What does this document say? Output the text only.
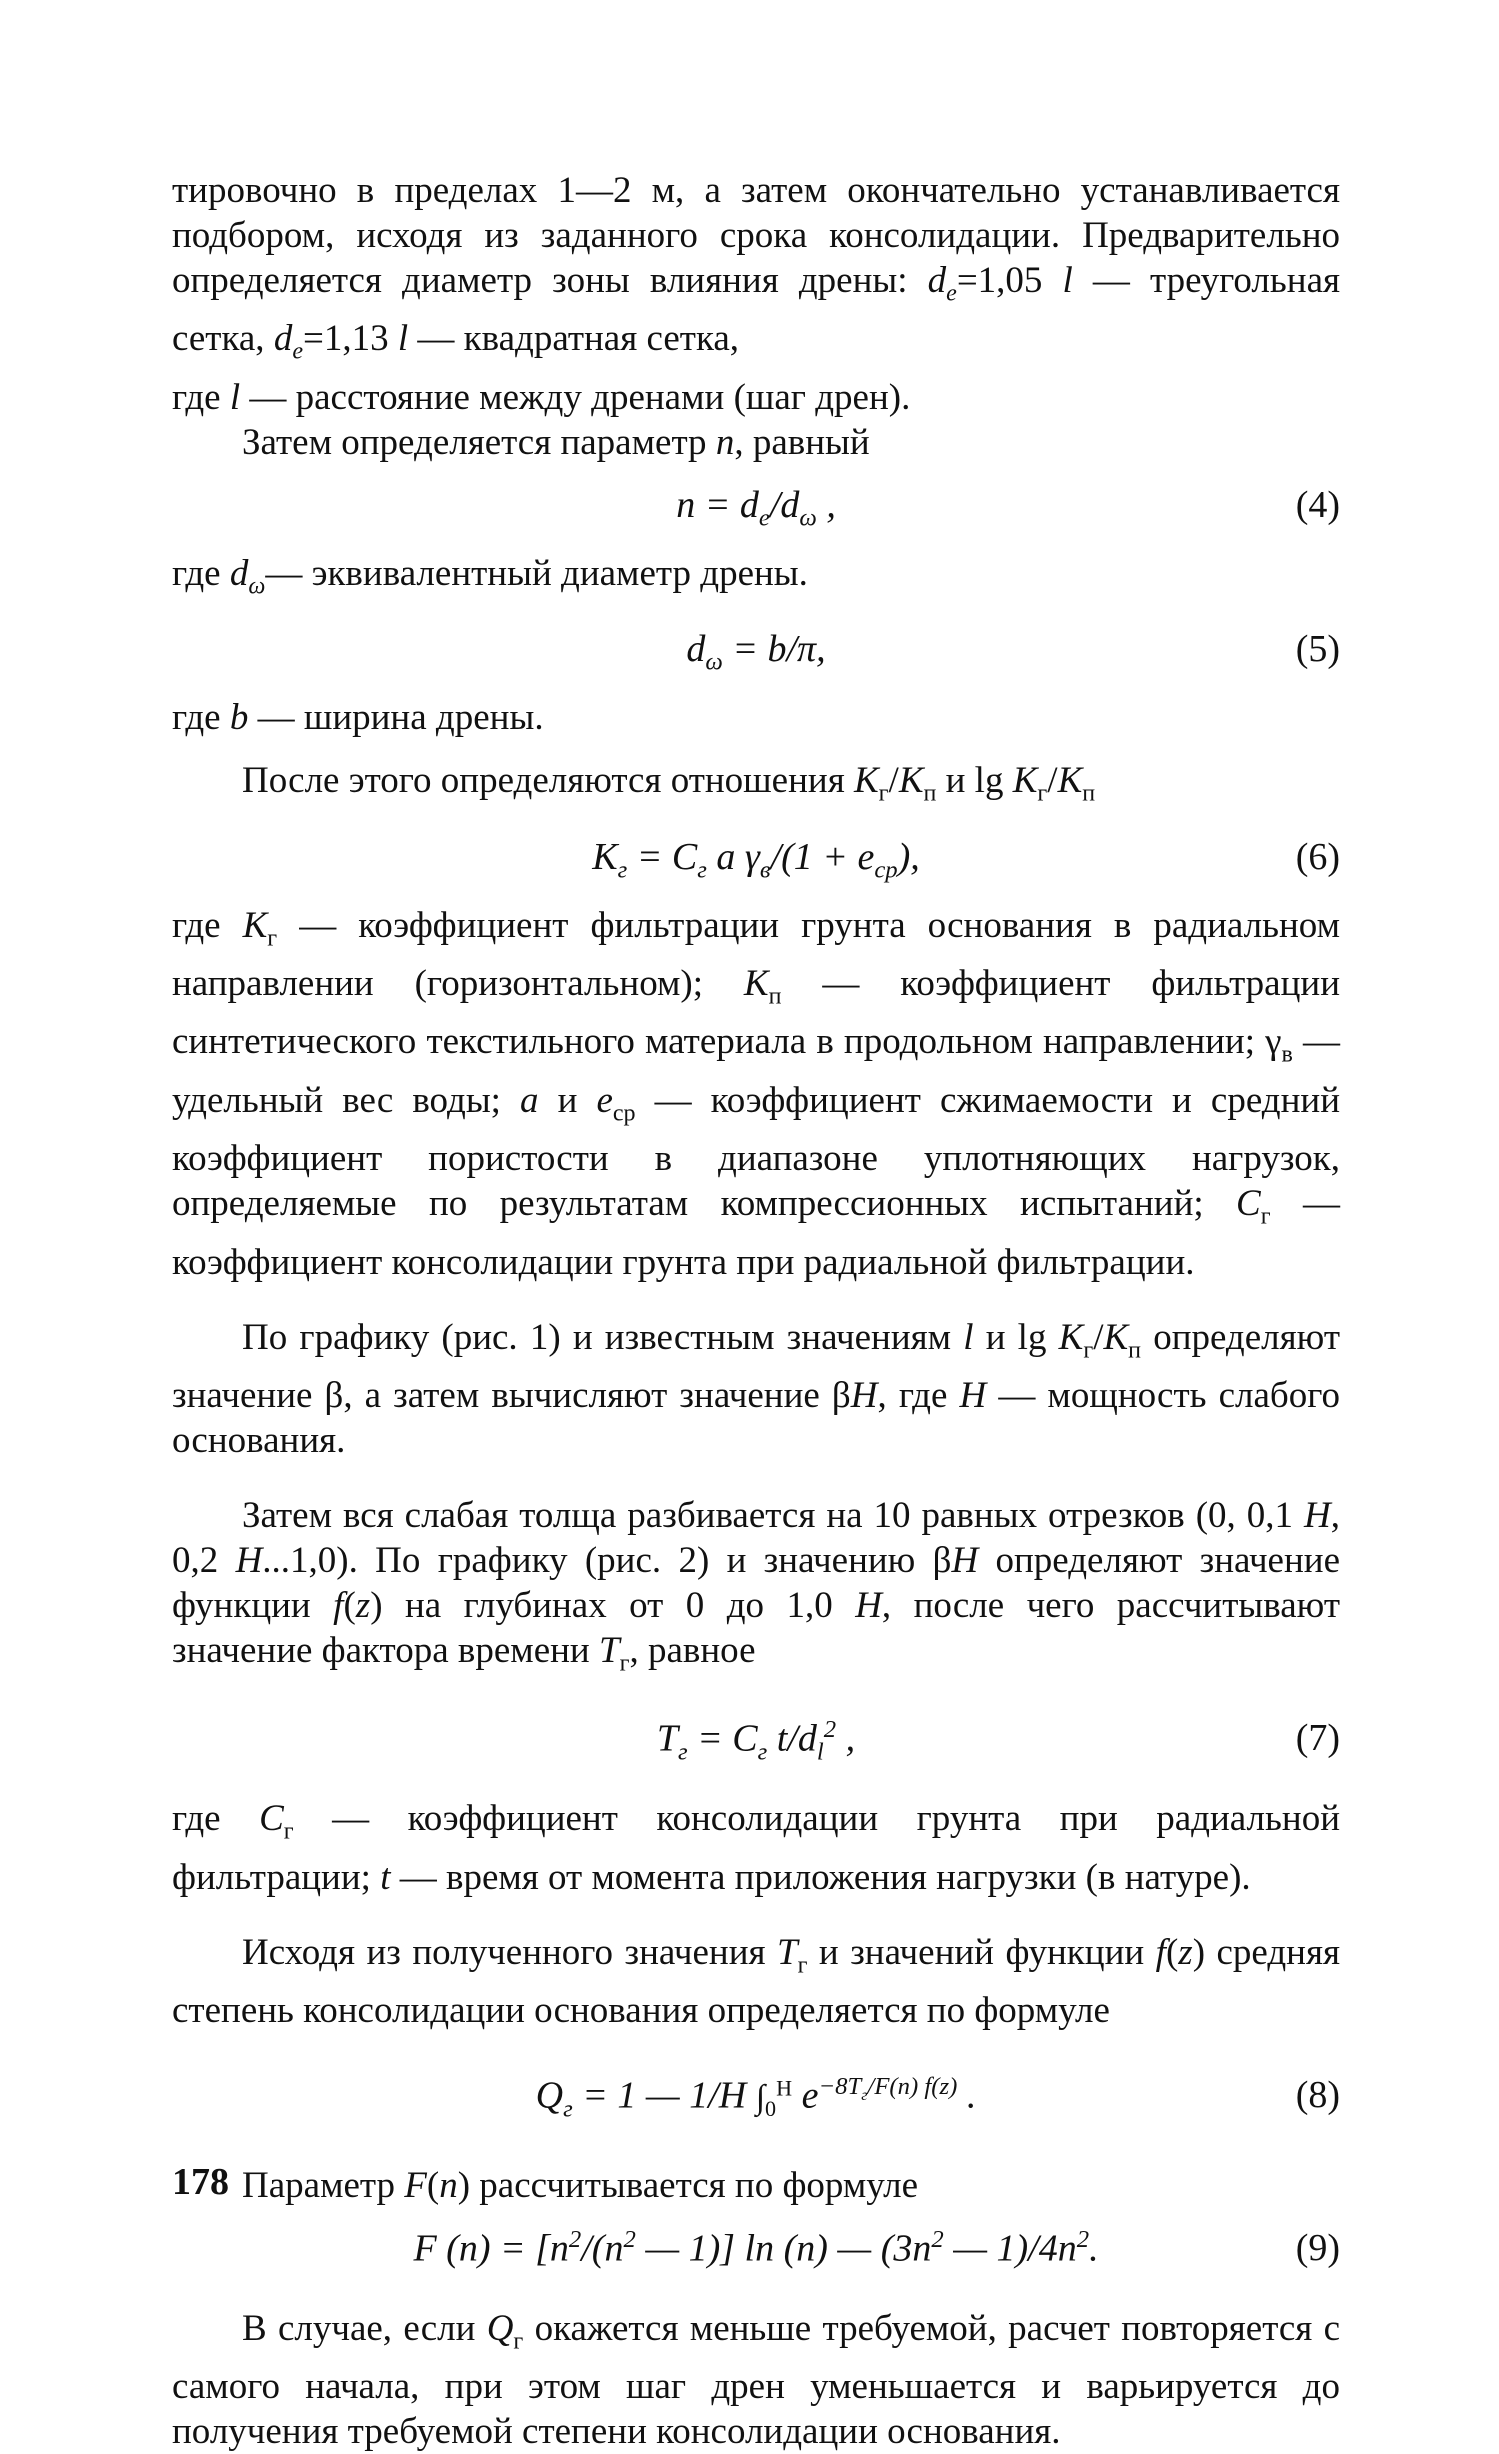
тировочно в пределах 1—2 м, а затем окончательно устанавливается подбором, исходя из заданного срока консолидации. Предварительно определяется диаметр зоны влияния дрены: $d_e=1,05$ l — треугольная сетка, $d_e=1,13$ l — квадратная сетка,

где l — расстояние между дренами (шаг дрен).

Затем определяется параметр n, равный

$n = d_e/d_\omega$ ,	(4)

где $d_\omega—$ эквивалентный диаметр дрены.

$d_\omega = b/\pi$,	(5)

где b — ширина дрены.

После этого определяются отношения $K_г/K_п$ и $\lg K_г/K_п$

$K_г = C_г$ a $\gamma_в/(1 + e_{ср})$,	(6)

где $K_г$ — коэффициент фильтрации грунта основания в радиальном направлении (горизонтальном); $K_п$ — коэффициент фильтрации синтетического текстильного материала в продольном направлении; $\gamma_в$ — удельный вес воды; a и $e_{ср}$ — коэффициент сжимаемости и средний коэффициент пористости в диапазоне уплотняющих нагрузок, определяемые по результатам компрессионных испытаний; $C_г$ — коэффициент консолидации грунта при радиальной фильтрации.

По графику (рис. 1) и известным значениям l и $\lg K_г/K_п$ определяют значение β, а затем вычисляют значение βH, где H — мощность слабого основания.

Затем вся слабая толща разбивается на 10 равных отрезков (0, 0,1 H, 0,2 H...1,0). По графику (рис. 2) и значению βH определяют значение функции f(z) на глубинах от 0 до 1,0 H, после чего рассчитывают значение фактора времени $T_г$, равное

$T_г = C_г$ $t/d_l^2$ ,	(7)

где $C_г$ — коэффициент консолидации грунта при радиальной фильтрации; t — время от момента приложения нагрузки (в натуре).

Исходя из полученного значения $T_г$ и значений функции f(z) средняя степень консолидации основания определяется по формуле

$Q_г = 1$ — 1/H $\int_0^H$ $e^{-8T_г/F(n) f(z)}$ .	(8)

Параметр F(n) рассчитывается по формуле

F $(n) = [n^2/(n^2$ — 1)] ln (n) — ($3n^2$ — $1)/4n^2$.	(9)

В случае, если $Q_г$ окажется меньше требуемой, расчет повторяется с самого начала, при этом шаг дрен уменьшается и варьируется до получения требуемой степени консолидации основания.

178
